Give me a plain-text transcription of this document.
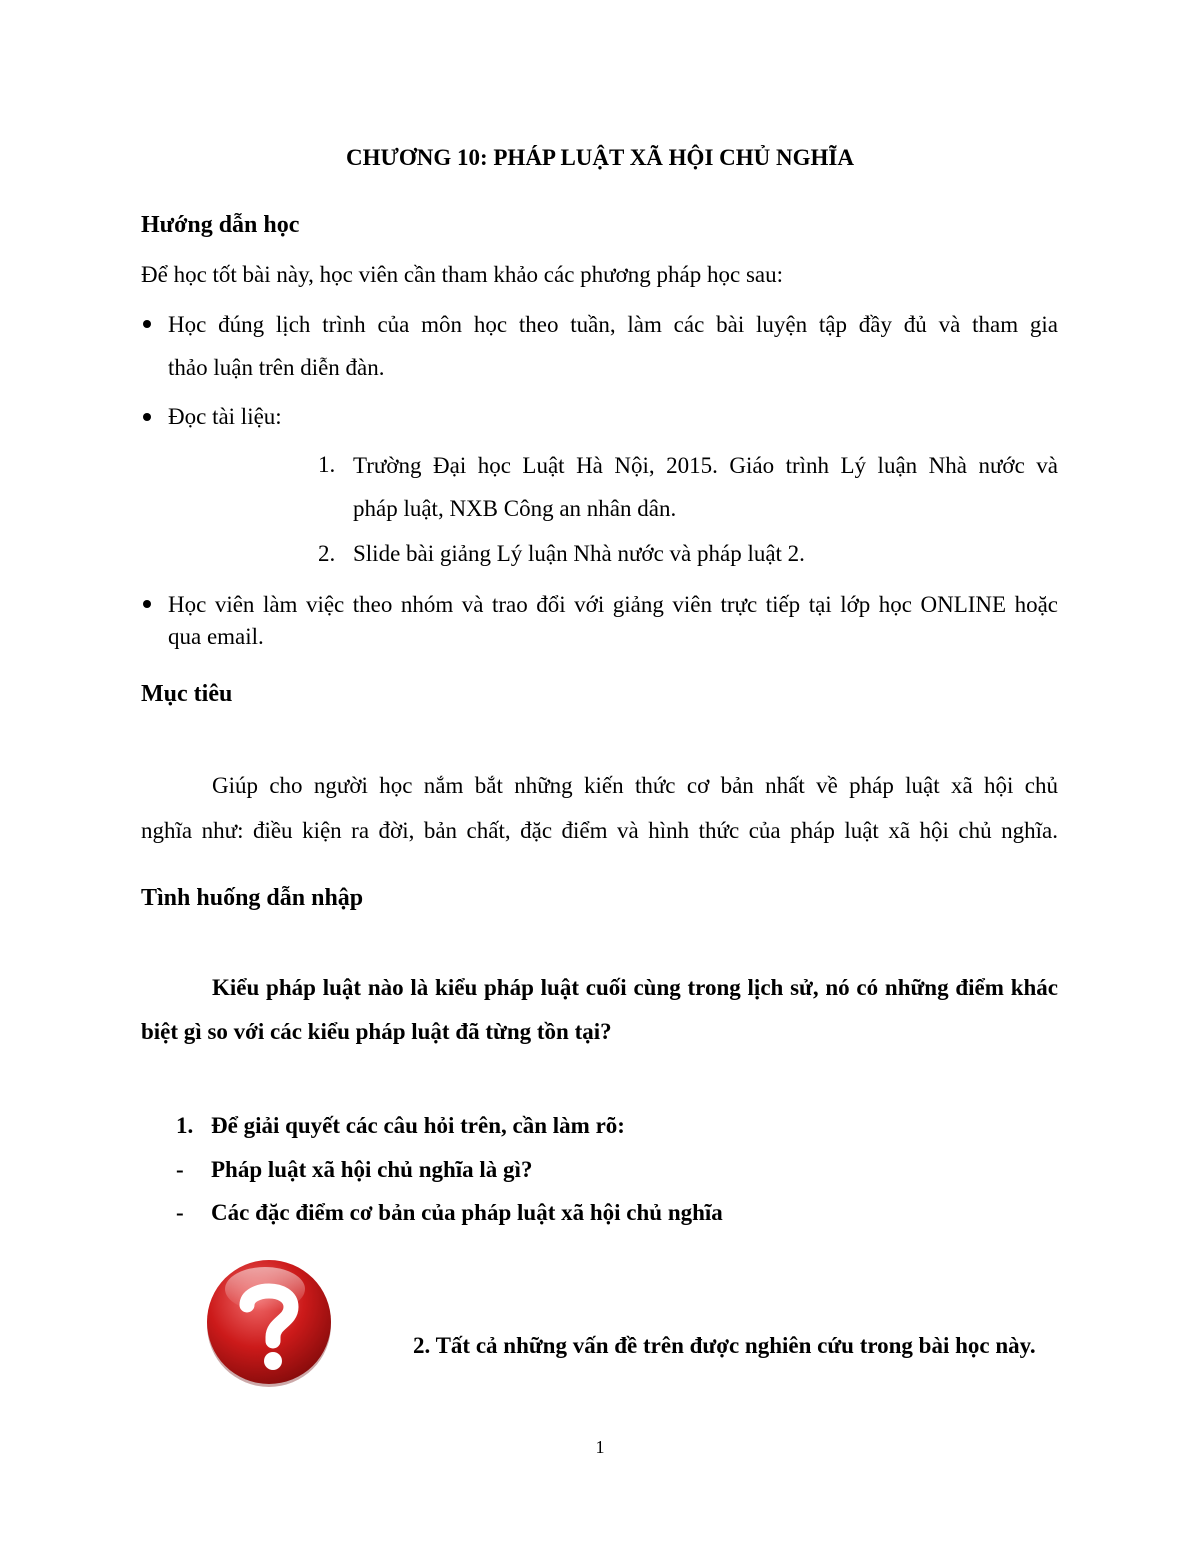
CHƯƠNG 10: PHÁP LUẬT XÃ HỘI CHỦ NGHĨA
Hướng dẫn học
Để học tốt bài này, học viên cần tham khảo các phương pháp học sau:
Học đúng lịch trình của môn học theo tuần, làm các bài luyện tập đầy đủ và tham gia
thảo luận trên diễn đàn.
Đọc tài liệu:
1. Trường Đại học Luật Hà Nội, 2015. Giáo trình Lý luận Nhà nước và
pháp luật, NXB Công an nhân dân.
2. Slide bài giảng Lý luận Nhà nước và pháp luật 2.
Học viên làm việc theo nhóm và trao đổi với giảng viên trực tiếp tại lớp học ONLINE hoặc
qua email.
Mục tiêu
Giúp cho người học nắm bắt những kiến thức cơ bản nhất về pháp luật xã hội chủ
nghĩa như: điều kiện ra đời, bản chất, đặc điểm và hình thức của pháp luật xã hội chủ nghĩa.
Tình huống dẫn nhập
Kiểu pháp luật nào là kiểu pháp luật cuối cùng trong lịch sử, nó có những điểm khác
biệt gì so với các kiểu pháp luật đã từng tồn tại?
1. Để giải quyết các câu hỏi trên, cần làm rõ:
- Pháp luật xã hội chủ nghĩa là gì?
- Các đặc điểm cơ bản của pháp luật xã hội chủ nghĩa
2. Tất cả những vấn đề trên được nghiên cứu trong bài học này.
1
